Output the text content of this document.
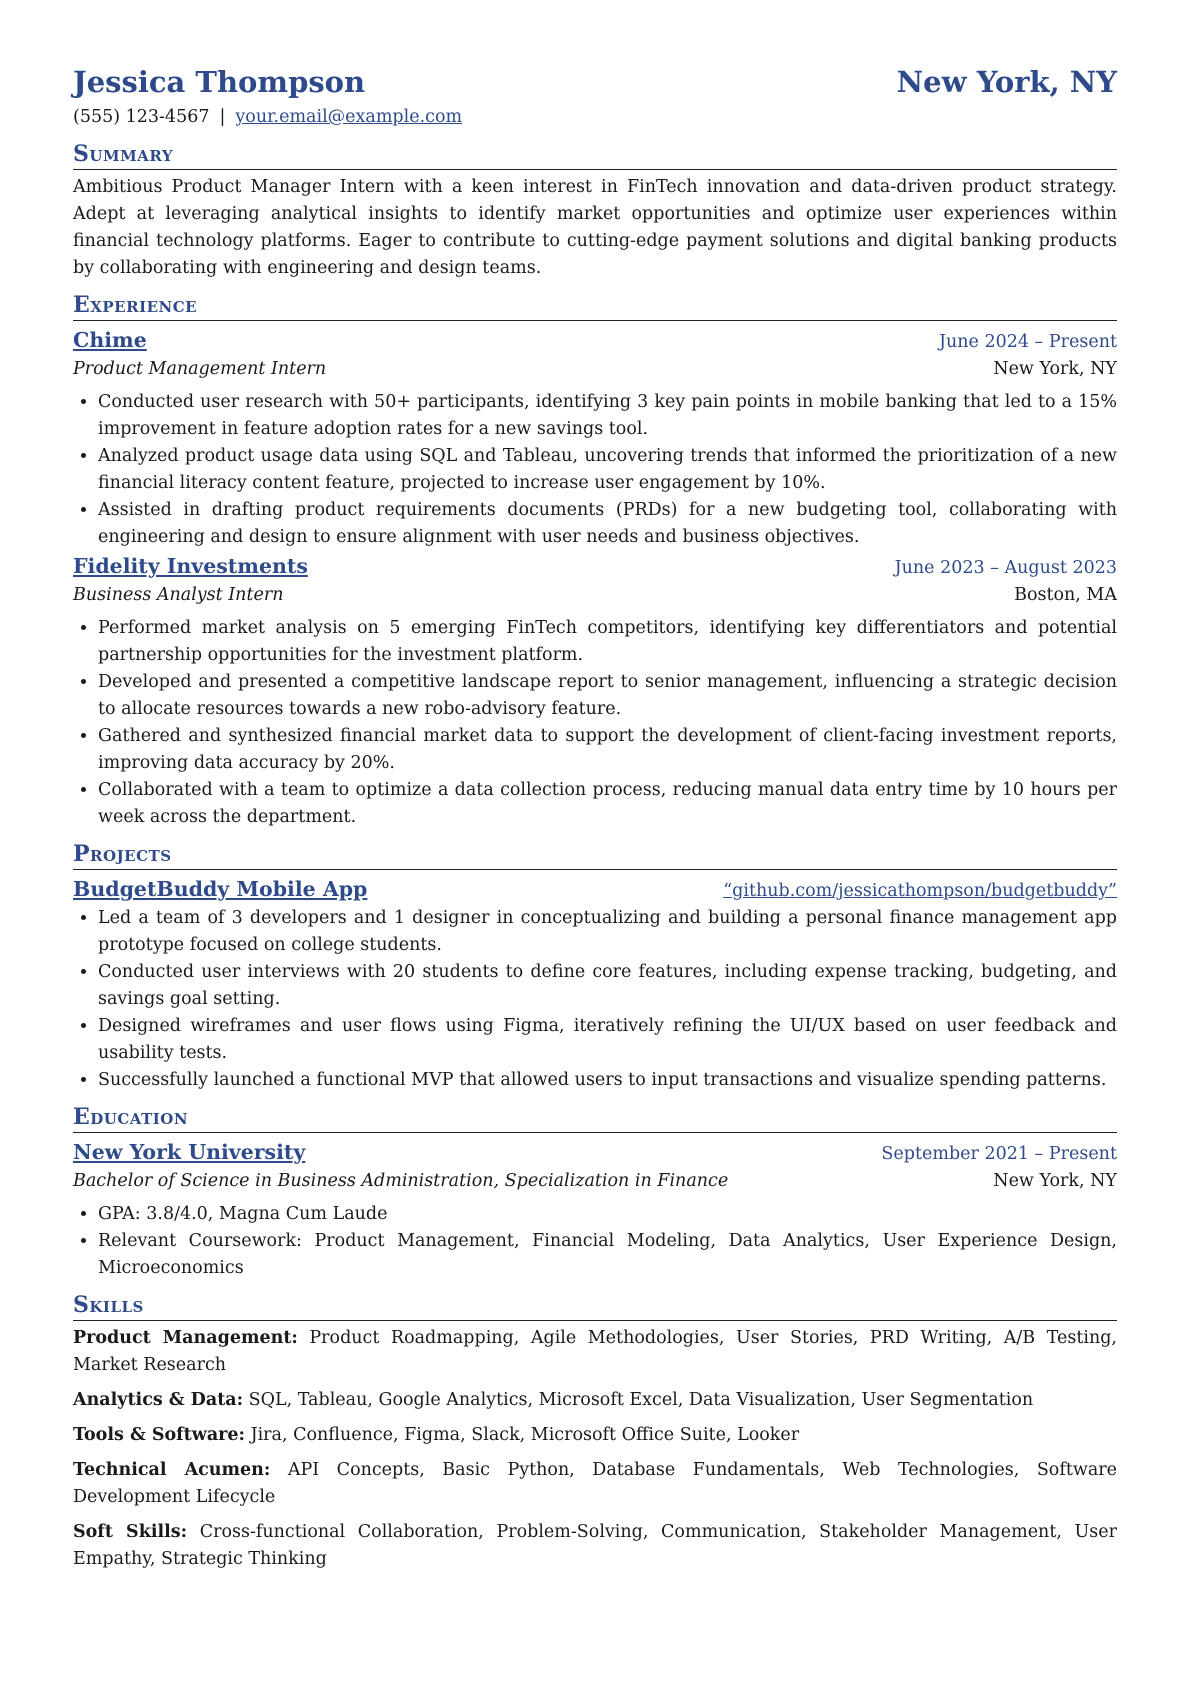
Jessica Thompson	New York, NY
(555) 123-4567 | your.email@example.com
Summary
Ambitious Product Manager Intern with a keen interest in FinTech innovation and data-driven product strategy. Adept at leveraging analytical insights to identify market opportunities and optimize user experiences within financial technology platforms. Eager to contribute to cutting-edge payment solutions and digital banking products by collaborating with engineering and design teams.
Experience
Chime	June 2024 – Present
Product Management Intern	New York, NY
• Conducted user research with 50+ participants, identifying 3 key pain points in mobile banking that led to a 15% improvement in feature adoption rates for a new savings tool.
• Analyzed product usage data using SQL and Tableau, uncovering trends that informed the prioritization of a new financial literacy content feature, projected to increase user engagement by 10%.
• Assisted in drafting product requirements documents (PRDs) for a new budgeting tool, collaborating with engineering and design to ensure alignment with user needs and business objectives.
Fidelity Investments	June 2023 – August 2023
Business Analyst Intern	Boston, MA
• Performed market analysis on 5 emerging FinTech competitors, identifying key differentiators and potential partnership opportunities for the investment platform.
• Developed and presented a competitive landscape report to senior management, influencing a strategic decision to allocate resources towards a new robo-advisory feature.
• Gathered and synthesized financial market data to support the development of client-facing investment reports, improving data accuracy by 20%.
• Collaborated with a team to optimize a data collection process, reducing manual data entry time by 10 hours per week across the department.
Projects
BudgetBuddy Mobile App	“github.com/jessicathompson/budgetbuddy”
• Led a team of 3 developers and 1 designer in conceptualizing and building a personal finance management app prototype focused on college students.
• Conducted user interviews with 20 students to define core features, including expense tracking, budgeting, and savings goal setting.
• Designed wireframes and user flows using Figma, iteratively refining the UI/UX based on user feedback and usability tests.
• Successfully launched a functional MVP that allowed users to input transactions and visualize spending patterns.
Education
New York University	September 2021 – Present
Bachelor of Science in Business Administration, Specialization in Finance	New York, NY
• GPA: 3.8/4.0, Magna Cum Laude
• Relevant Coursework: Product Management, Financial Modeling, Data Analytics, User Experience Design, Microeconomics
Skills
Product Management: Product Roadmapping, Agile Methodologies, User Stories, PRD Writing, A/B Testing, Market Research
Analytics & Data: SQL, Tableau, Google Analytics, Microsoft Excel, Data Visualization, User Segmentation
Tools & Software: Jira, Confluence, Figma, Slack, Microsoft Office Suite, Looker
Technical Acumen: API Concepts, Basic Python, Database Fundamentals, Web Technologies, Software Development Lifecycle
Soft Skills: Cross-functional Collaboration, Problem-Solving, Communication, Stakeholder Management, User Empathy, Strategic Thinking
